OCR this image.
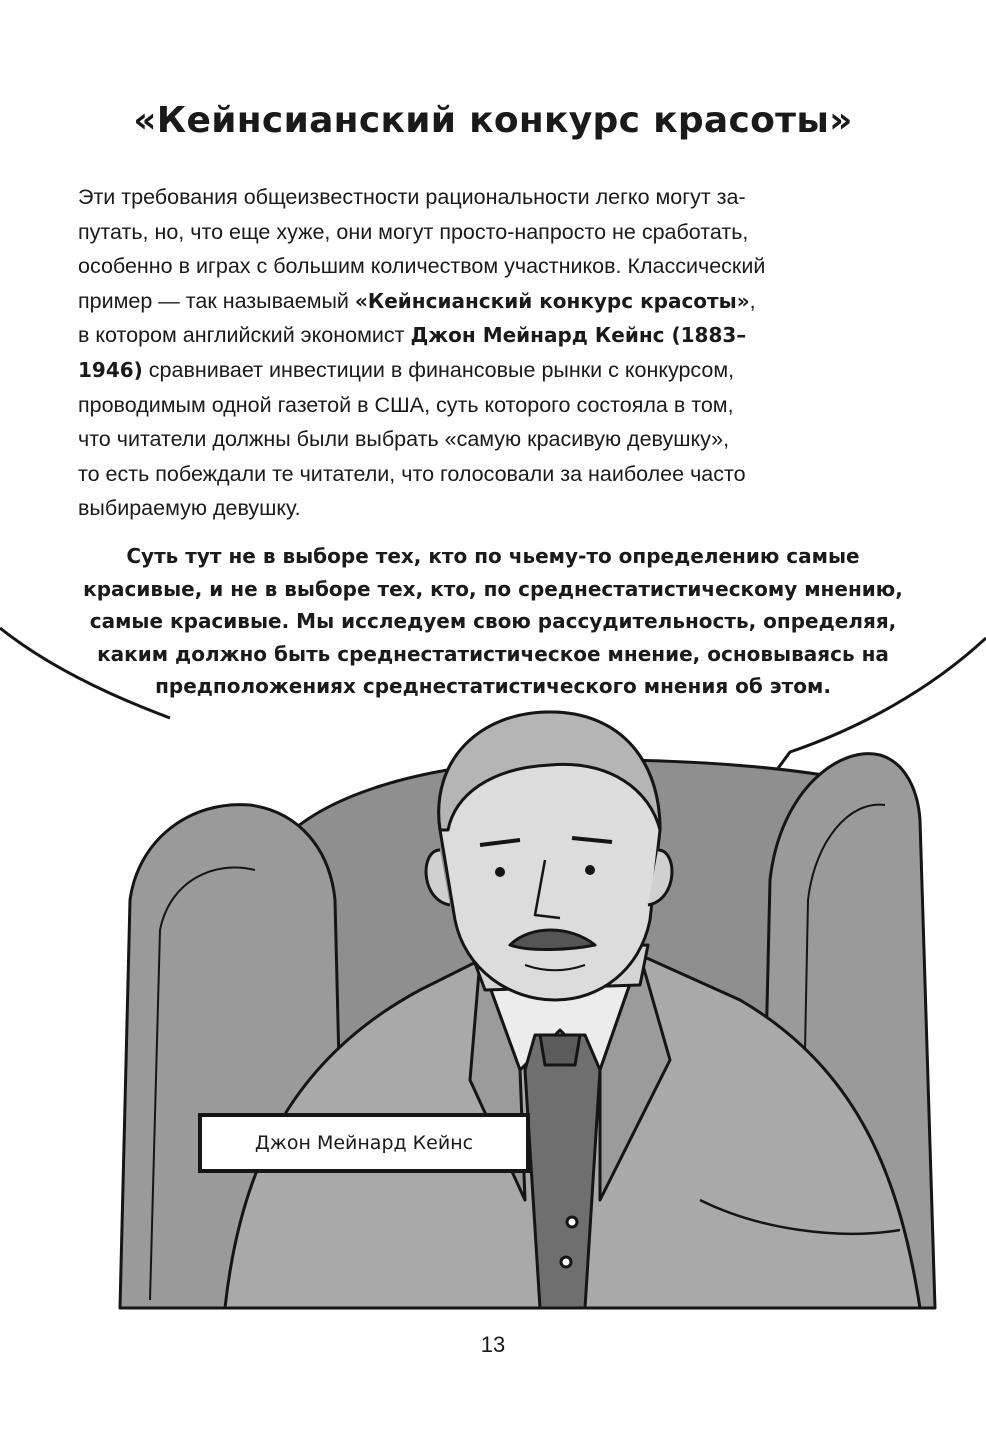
«Кейнсианский конкурс красоты»
Эти требования общеизвестности рациональности легко могут за-
путать, но, что еще хуже, они могут просто-напросто не сработать,
особенно в играх с большим количеством участников. Классический
пример — так называемый «Кейнсианский конкурс красоты»,
в котором английский экономист Джон Мейнард Кейнс (1883–
1946) сравнивает инвестиции в финансовые рынки с конкурсом,
проводимым одной газетой в США, суть которого состояла в том,
что читатели должны были выбрать «самую красивую девушку»,
то есть побеждали те читатели, что голосовали за наиболее часто
выбираемую девушку.
Суть тут не в выборе тех, кто по чьему-то определению самые
красивые, и не в выборе тех, кто, по среднестатистическому мнению,
самые красивые. Мы исследуем свою рассудительность, определяя,
каким должно быть среднестатистическое мнение, основываясь на
предположениях среднестатистического мнения об этом.
Джон Мейнард Кейнс
13
